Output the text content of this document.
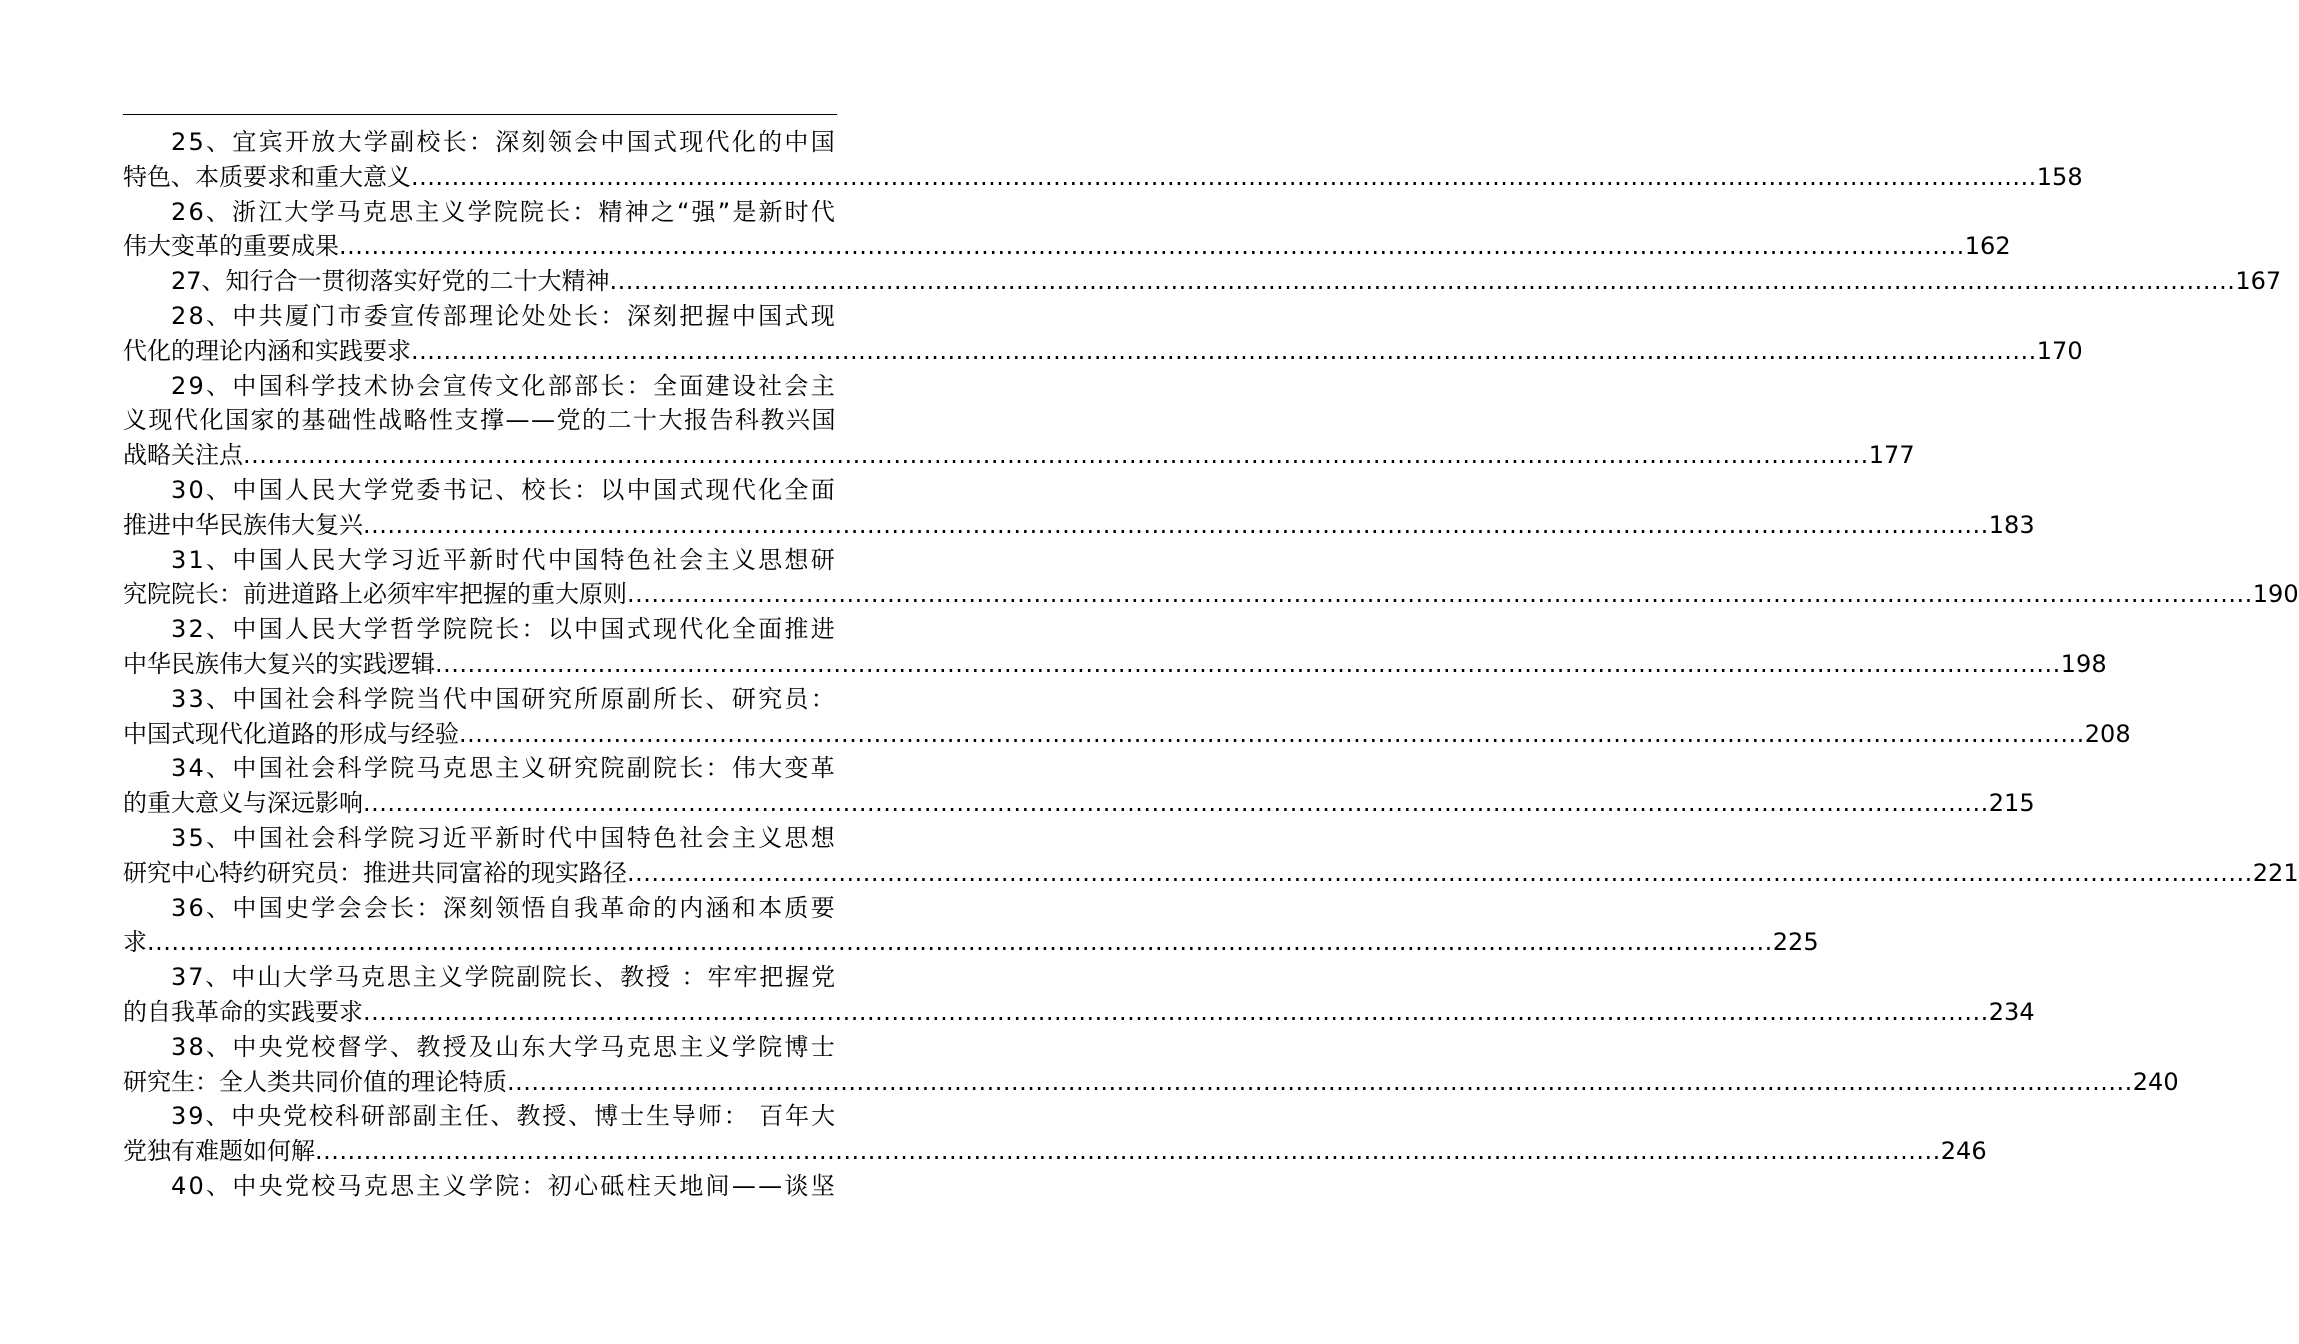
25、宜宾开放大学副校长：深刻领会中国式现代化的中国
特色、本质要求和重大意义 ........................................................................................................................................................................................................ 158
26、浙江大学马克思主义学院院长：精神之“强”是新时代
伟大变革的重要成果 ........................................................................................................................................................................................................ 162
27、知行合一贯彻落实好党的二十大精神 ........................................................................................................................................................................................................ 167
28、中共厦门市委宣传部理论处处长：深刻把握中国式现
代化的理论内涵和实践要求 ........................................................................................................................................................................................................ 170
29、中国科学技术协会宣传文化部部长：全面建设社会主
义现代化国家的基础性战略性支撑——党的二十大报告科教兴国
战略关注点 ........................................................................................................................................................................................................ 177
30、中国人民大学党委书记、校长：以中国式现代化全面
推进中华民族伟大复兴 ........................................................................................................................................................................................................ 183
31、中国人民大学习近平新时代中国特色社会主义思想研
究院院长：前进道路上必须牢牢把握的重大原则 ........................................................................................................................................................................................................ 190
32、中国人民大学哲学院院长：以中国式现代化全面推进
中华民族伟大复兴的实践逻辑 ........................................................................................................................................................................................................ 198
33、中国社会科学院当代中国研究所原副所长、研究员：
中国式现代化道路的形成与经验 ........................................................................................................................................................................................................ 208
34、中国社会科学院马克思主义研究院副院长：伟大变革
的重大意义与深远影响 ........................................................................................................................................................................................................ 215
35、中国社会科学院习近平新时代中国特色社会主义思想
研究中心特约研究员：推进共同富裕的现实路径 ........................................................................................................................................................................................................ 221
36、中国史学会会长：深刻领悟自我革命的内涵和本质要
求 ........................................................................................................................................................................................................ 225
37、中山大学马克思主义学院副院长、教授 ：牢牢把握党
的自我革命的实践要求 ........................................................................................................................................................................................................ 234
38、中央党校督学、教授及山东大学马克思主义学院博士
研究生：全人类共同价值的理论特质 ........................................................................................................................................................................................................ 240
39、中央党校科研部副主任、教授、博士生导师： 百年大
党独有难题如何解 ........................................................................................................................................................................................................ 246
40、中央党校马克思主义学院：初心砥柱天地间——谈坚
